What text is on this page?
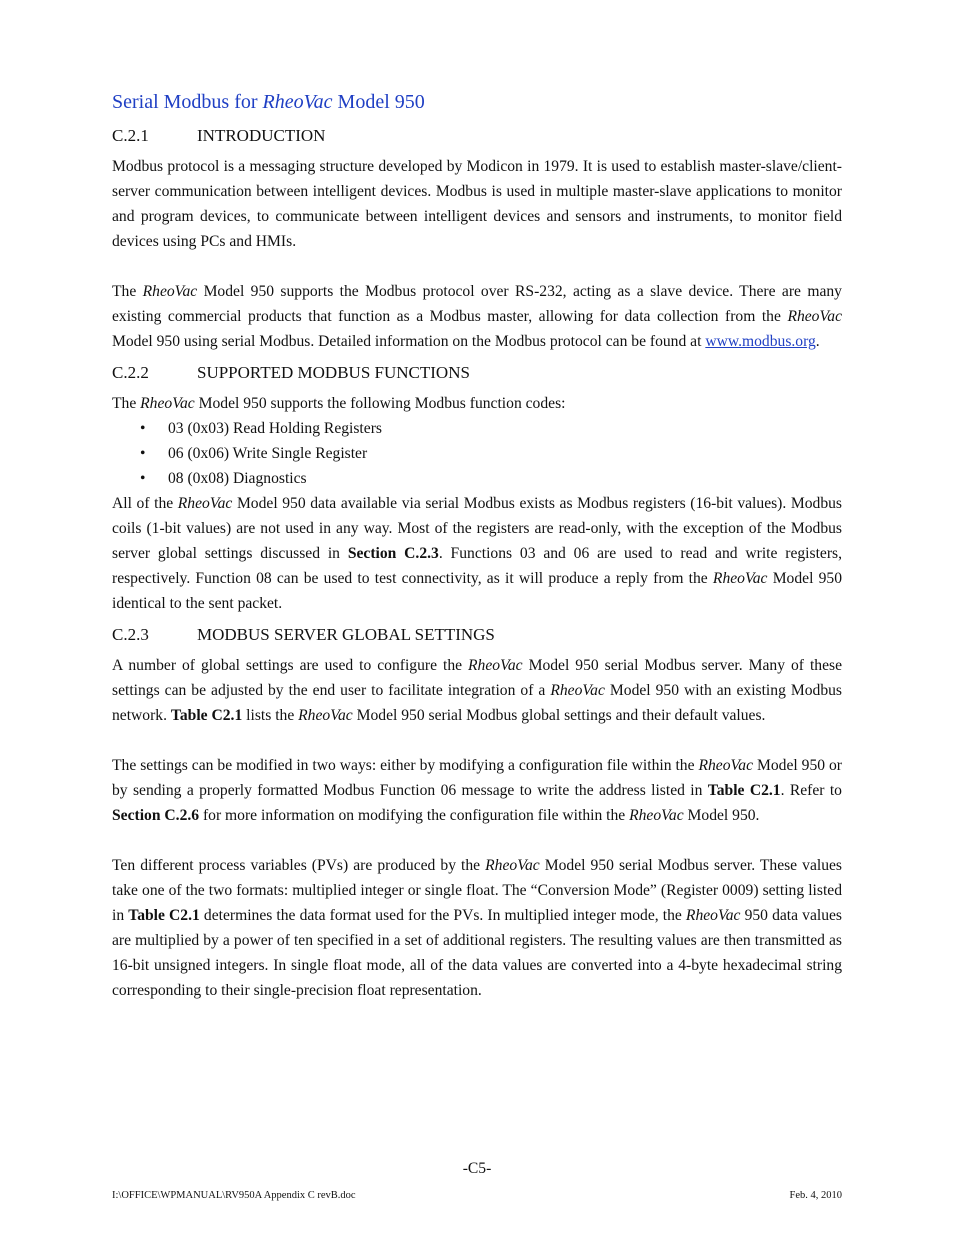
Serial Modbus for RheoVac Model 950
C.2.1	INTRODUCTION

Modbus protocol is a messaging structure developed by Modicon in 1979. It is used to establish master-slave/client-server communication between intelligent devices. Modbus is used in multiple master-slave applications to monitor and program devices, to communicate between intelligent devices and sensors and instruments, to monitor field devices using PCs and HMIs.

The RheoVac Model 950 supports the Modbus protocol over RS-232, acting as a slave device. There are many existing commercial products that function as a Modbus master, allowing for data collection from the RheoVac Model 950 using serial Modbus. Detailed information on the Modbus protocol can be found at www.modbus.org.

C.2.2	SUPPORTED MODBUS FUNCTIONS

The RheoVac Model 950 supports the following Modbus function codes:

•	03 (0x03) Read Holding Registers
•	06 (0x06) Write Single Register
•	08 (0x08) Diagnostics

All of the RheoVac Model 950 data available via serial Modbus exists as Modbus registers (16-bit values). Modbus coils (1-bit values) are not used in any way. Most of the registers are read-only, with the exception of the Modbus server global settings discussed in Section C.2.3. Functions 03 and 06 are used to read and write registers, respectively. Function 08 can be used to test connectivity, as it will produce a reply from the RheoVac Model 950 identical to the sent packet.

C.2.3	MODBUS SERVER GLOBAL SETTINGS

A number of global settings are used to configure the RheoVac Model 950 serial Modbus server. Many of these settings can be adjusted by the end user to facilitate integration of a RheoVac Model 950 with an existing Modbus network. Table C2.1 lists the RheoVac Model 950 serial Modbus global settings and their default values.

The settings can be modified in two ways: either by modifying a configuration file within the RheoVac Model 950 or by sending a properly formatted Modbus Function 06 message to write the address listed in Table C2.1. Refer to Section C.2.6 for more information on modifying the configuration file within the RheoVac Model 950.

Ten different process variables (PVs) are produced by the RheoVac Model 950 serial Modbus server. These values take one of the two formats: multiplied integer or single float. The “Conversion Mode” (Register 0009) setting listed in Table C2.1 determines the data format used for the PVs. In multiplied integer mode, the RheoVac 950 data values are multiplied by a power of ten specified in a set of additional registers. The resulting values are then transmitted as 16-bit unsigned integers. In single float mode, all of the data values are converted into a 4-byte hexadecimal string corresponding to their single-precision float representation.

-C5-
I:\OFFICE\WPMANUAL\RV950A Appendix C revB.doc	Feb. 4, 2010
